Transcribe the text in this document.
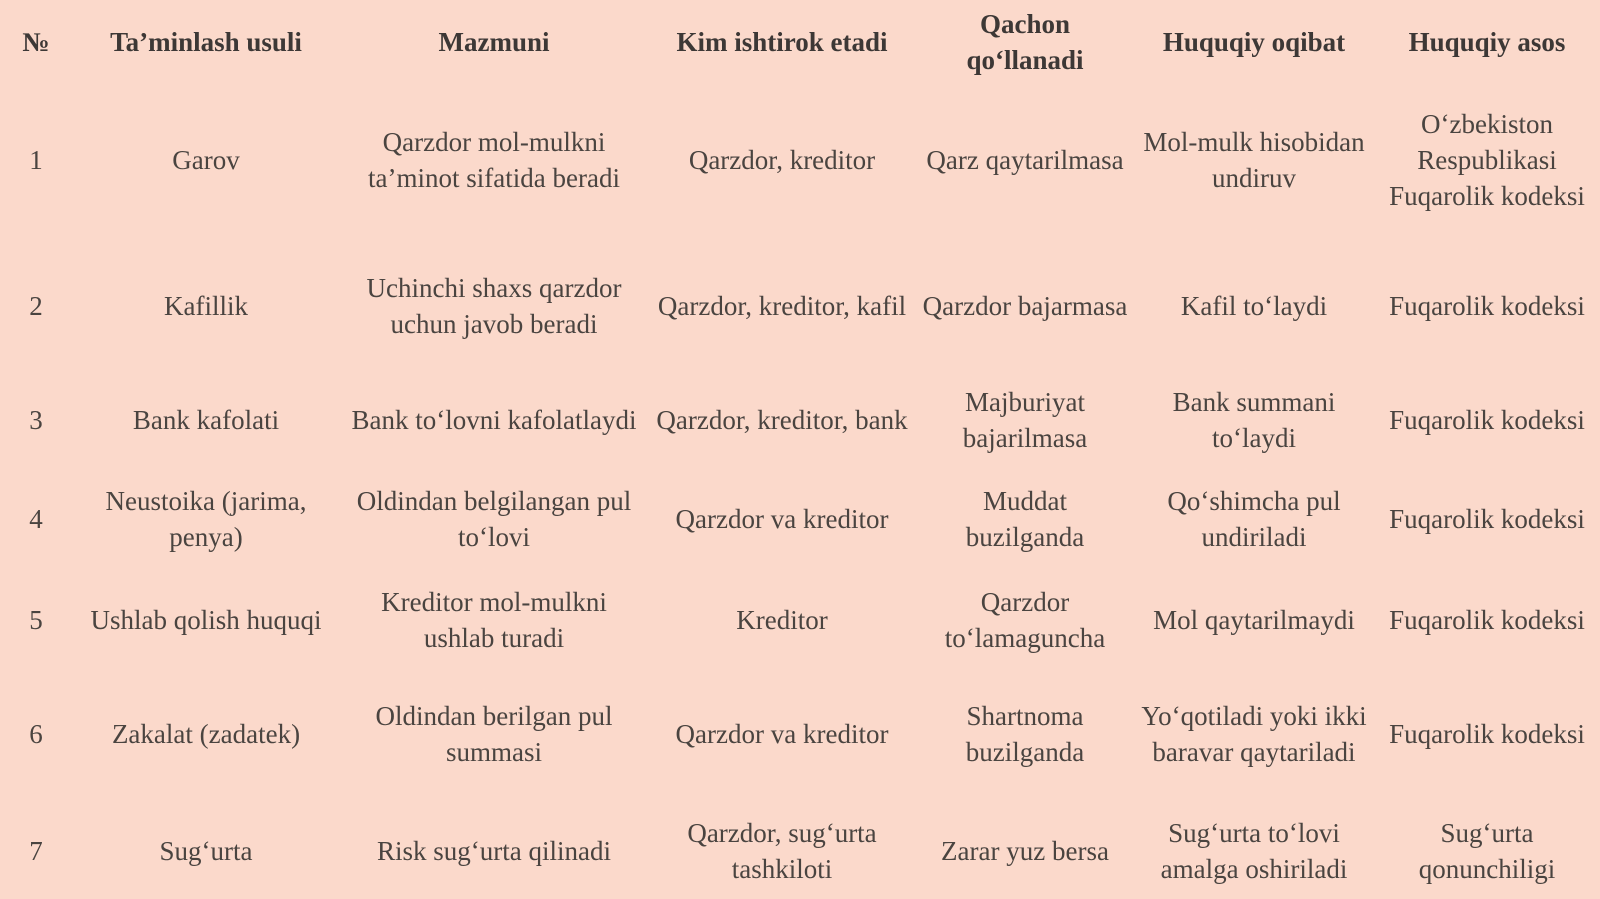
№	Ta’minlash usuli	Mazmuni	Kim ishtirok etadi	Qachon qo‘llanadi	Huquqiy oqibat	Huquqiy asos
1	Garov	Qarzdor mol-mulkni ta’minot sifatida beradi	Qarzdor, kreditor	Qarz qaytarilmasa	Mol-mulk hisobidan undiruv	O‘zbekiston Respublikasi Fuqarolik kodeksi
2	Kafillik	Uchinchi shaxs qarzdor uchun javob beradi	Qarzdor, kreditor, kafil	Qarzdor bajarmasa	Kafil to‘laydi	Fuqarolik kodeksi
3	Bank kafolati	Bank to‘lovni kafolatlaydi	Qarzdor, kreditor, bank	Majburiyat bajarilmasa	Bank summani to‘laydi	Fuqarolik kodeksi
4	Neustoika (jarima, penya)	Oldindan belgilangan pul to‘lovi	Qarzdor va kreditor	Muddat buzilganda	Qo‘shimcha pul undiriladi	Fuqarolik kodeksi
5	Ushlab qolish huquqi	Kreditor mol-mulkni ushlab turadi	Kreditor	Qarzdor to‘lamaguncha	Mol qaytarilmaydi	Fuqarolik kodeksi
6	Zakalat (zadatek)	Oldindan berilgan pul summasi	Qarzdor va kreditor	Shartnoma buzilganda	Yo‘qotiladi yoki ikki baravar qaytariladi	Fuqarolik kodeksi
7	Sug‘urta	Risk sug‘urta qilinadi	Qarzdor, sug‘urta tashkiloti	Zarar yuz bersa	Sug‘urta to‘lovi amalga oshiriladi	Sug‘urta qonunchiligi
